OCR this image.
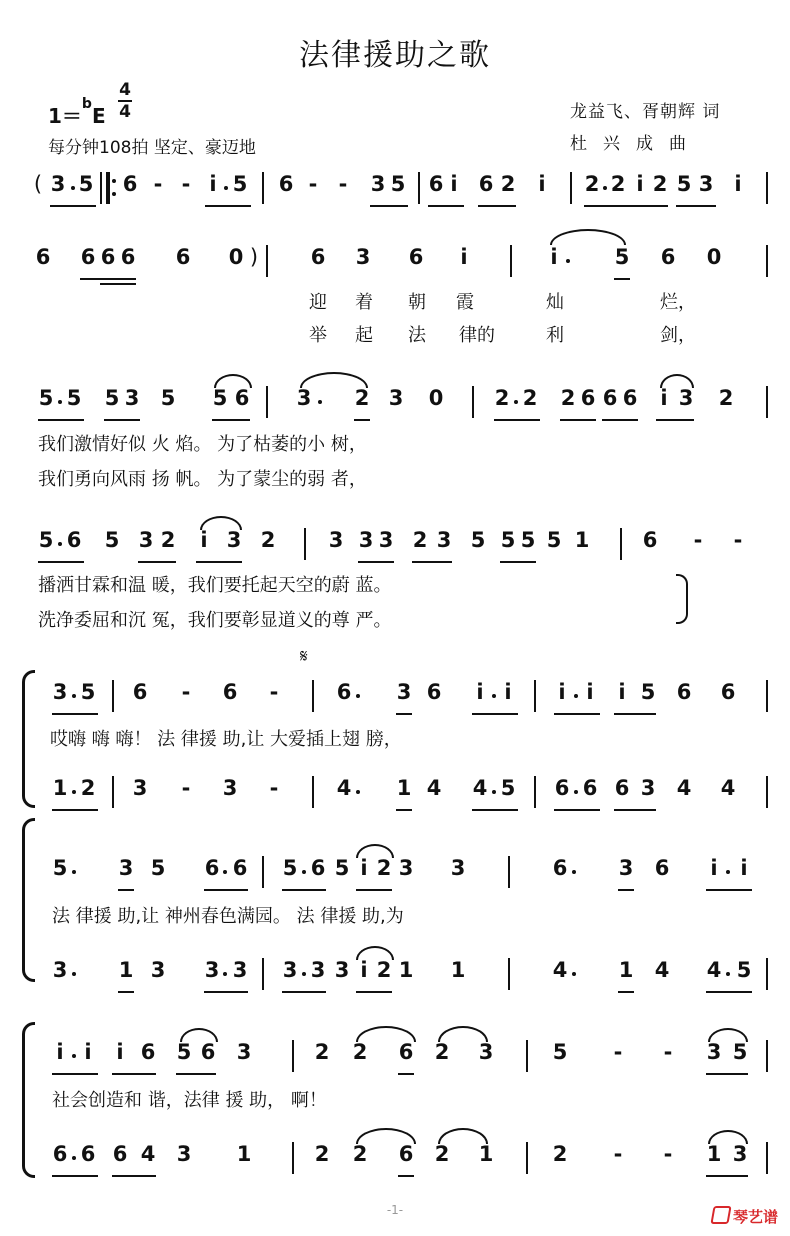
法律援助之歌
1＝$^b$E
4
4
每分钟108拍 坚定、豪迈地
龙益飞、胥朝辉 词
杜兴成曲
( 3 5 6 - - i 5 6 - - 3 5 6 i 6 2 i 2 2 i 2 5 3 i
6 6 6 6 6 0 )	6 3 6 i	i	5 6 0
迎 着 朝 霞	灿	烂，
举 起 法 律的	利	剑，
5 5 5 3 5 5 6 3 2 3 0 2 2 2 6 6 6 i 3 2
我们激情好似 火 焰。 为了枯萎的小 树，
我们勇向风雨 扬 帆。 为了蒙尘的弱 者，
5 6 5 3 2 i 3 2	3 3 3 2 3 5 5 5 5 1	6 - -
播洒甘霖和温 暖，我们要托起天空的蔚 蓝。
洗净委屈和沉 冤，我们要彰显道义的尊 严。
𝄋
3 5 6 - 6 -	6 3 6 i i i i i 5 6 6
哎嗨 嗨 嗨！ 法 律援 助,让 大爱插上翅 膀，
1 2 3 - 3 -	4 1 4 4 5 6 6 6 3 4 4
5 3 5 6 6 5 6 5 i 2 3 3	6 3 6 i i
法 律援 助,让 神州春色满园。 法 律援 助,为
3 1 3 3 3 3 3 3 i 2 1 1	4 1 4 4 5
i i i 6 5 6 3	2 2 6 2 3	5 - - 3 5
社会创造和 谐，法律 援 助， 啊！
6 6 6 4 3 1	2 2 6 2 1	2 - - 1 3
-1-	琴艺谱
